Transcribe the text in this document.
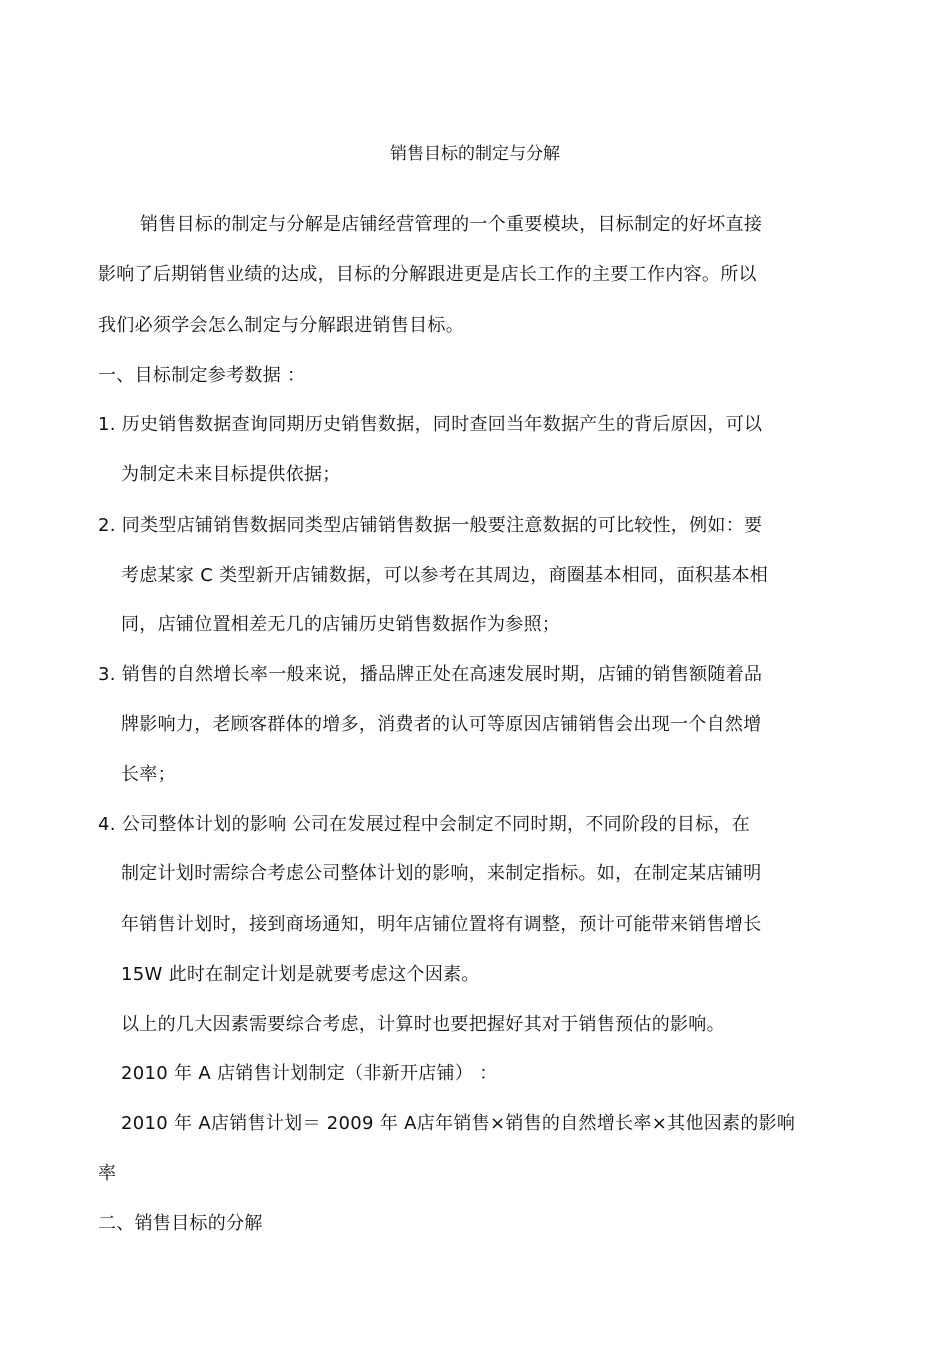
销售目标的制定与分解
销售目标的制定与分解是店铺经营管理的一个重要模块，目标制定的好坏直接
影响了后期销售业绩的达成，目标的分解跟进更是店长工作的主要工作内容。所以
我们必须学会怎么制定与分解跟进销售目标。
一、目标制定参考数据 ：
1. 历史销售数据查询同期历史销售数据，同时查回当年数据产生的背后原因，可以
为制定未来目标提供依据；
2. 同类型店铺销售数据同类型店铺销售数据一般要注意数据的可比较性，例如：要
考虑某家 C 类型新开店铺数据，可以参考在其周边，商圈基本相同，面积基本相
同，店铺位置相差无几的店铺历史销售数据作为参照；
3. 销售的自然增长率一般来说，播品牌正处在高速发展时期，店铺的销售额随着品
牌影响力，老顾客群体的增多，消费者的认可等原因店铺销售会出现一个自然增
长率；
4. 公司整体计划的影响 公司在发展过程中会制定不同时期，不同阶段的目标，在
制定计划时需综合考虑公司整体计划的影响，来制定指标。如，在制定某店铺明
年销售计划时，接到商场通知，明年店铺位置将有调整，预计可能带来销售增长
15W 此时在制定计划是就要考虑这个因素。
以上的几大因素需要综合考虑，计算时也要把握好其对于销售预估的影响。
2010 年 A 店销售计划制定（非新开店铺） ：
2010 年 A店销售计划＝ 2009 年 A店年销售×销售的自然增长率×其他因素的影响
率
二、销售目标的分解
